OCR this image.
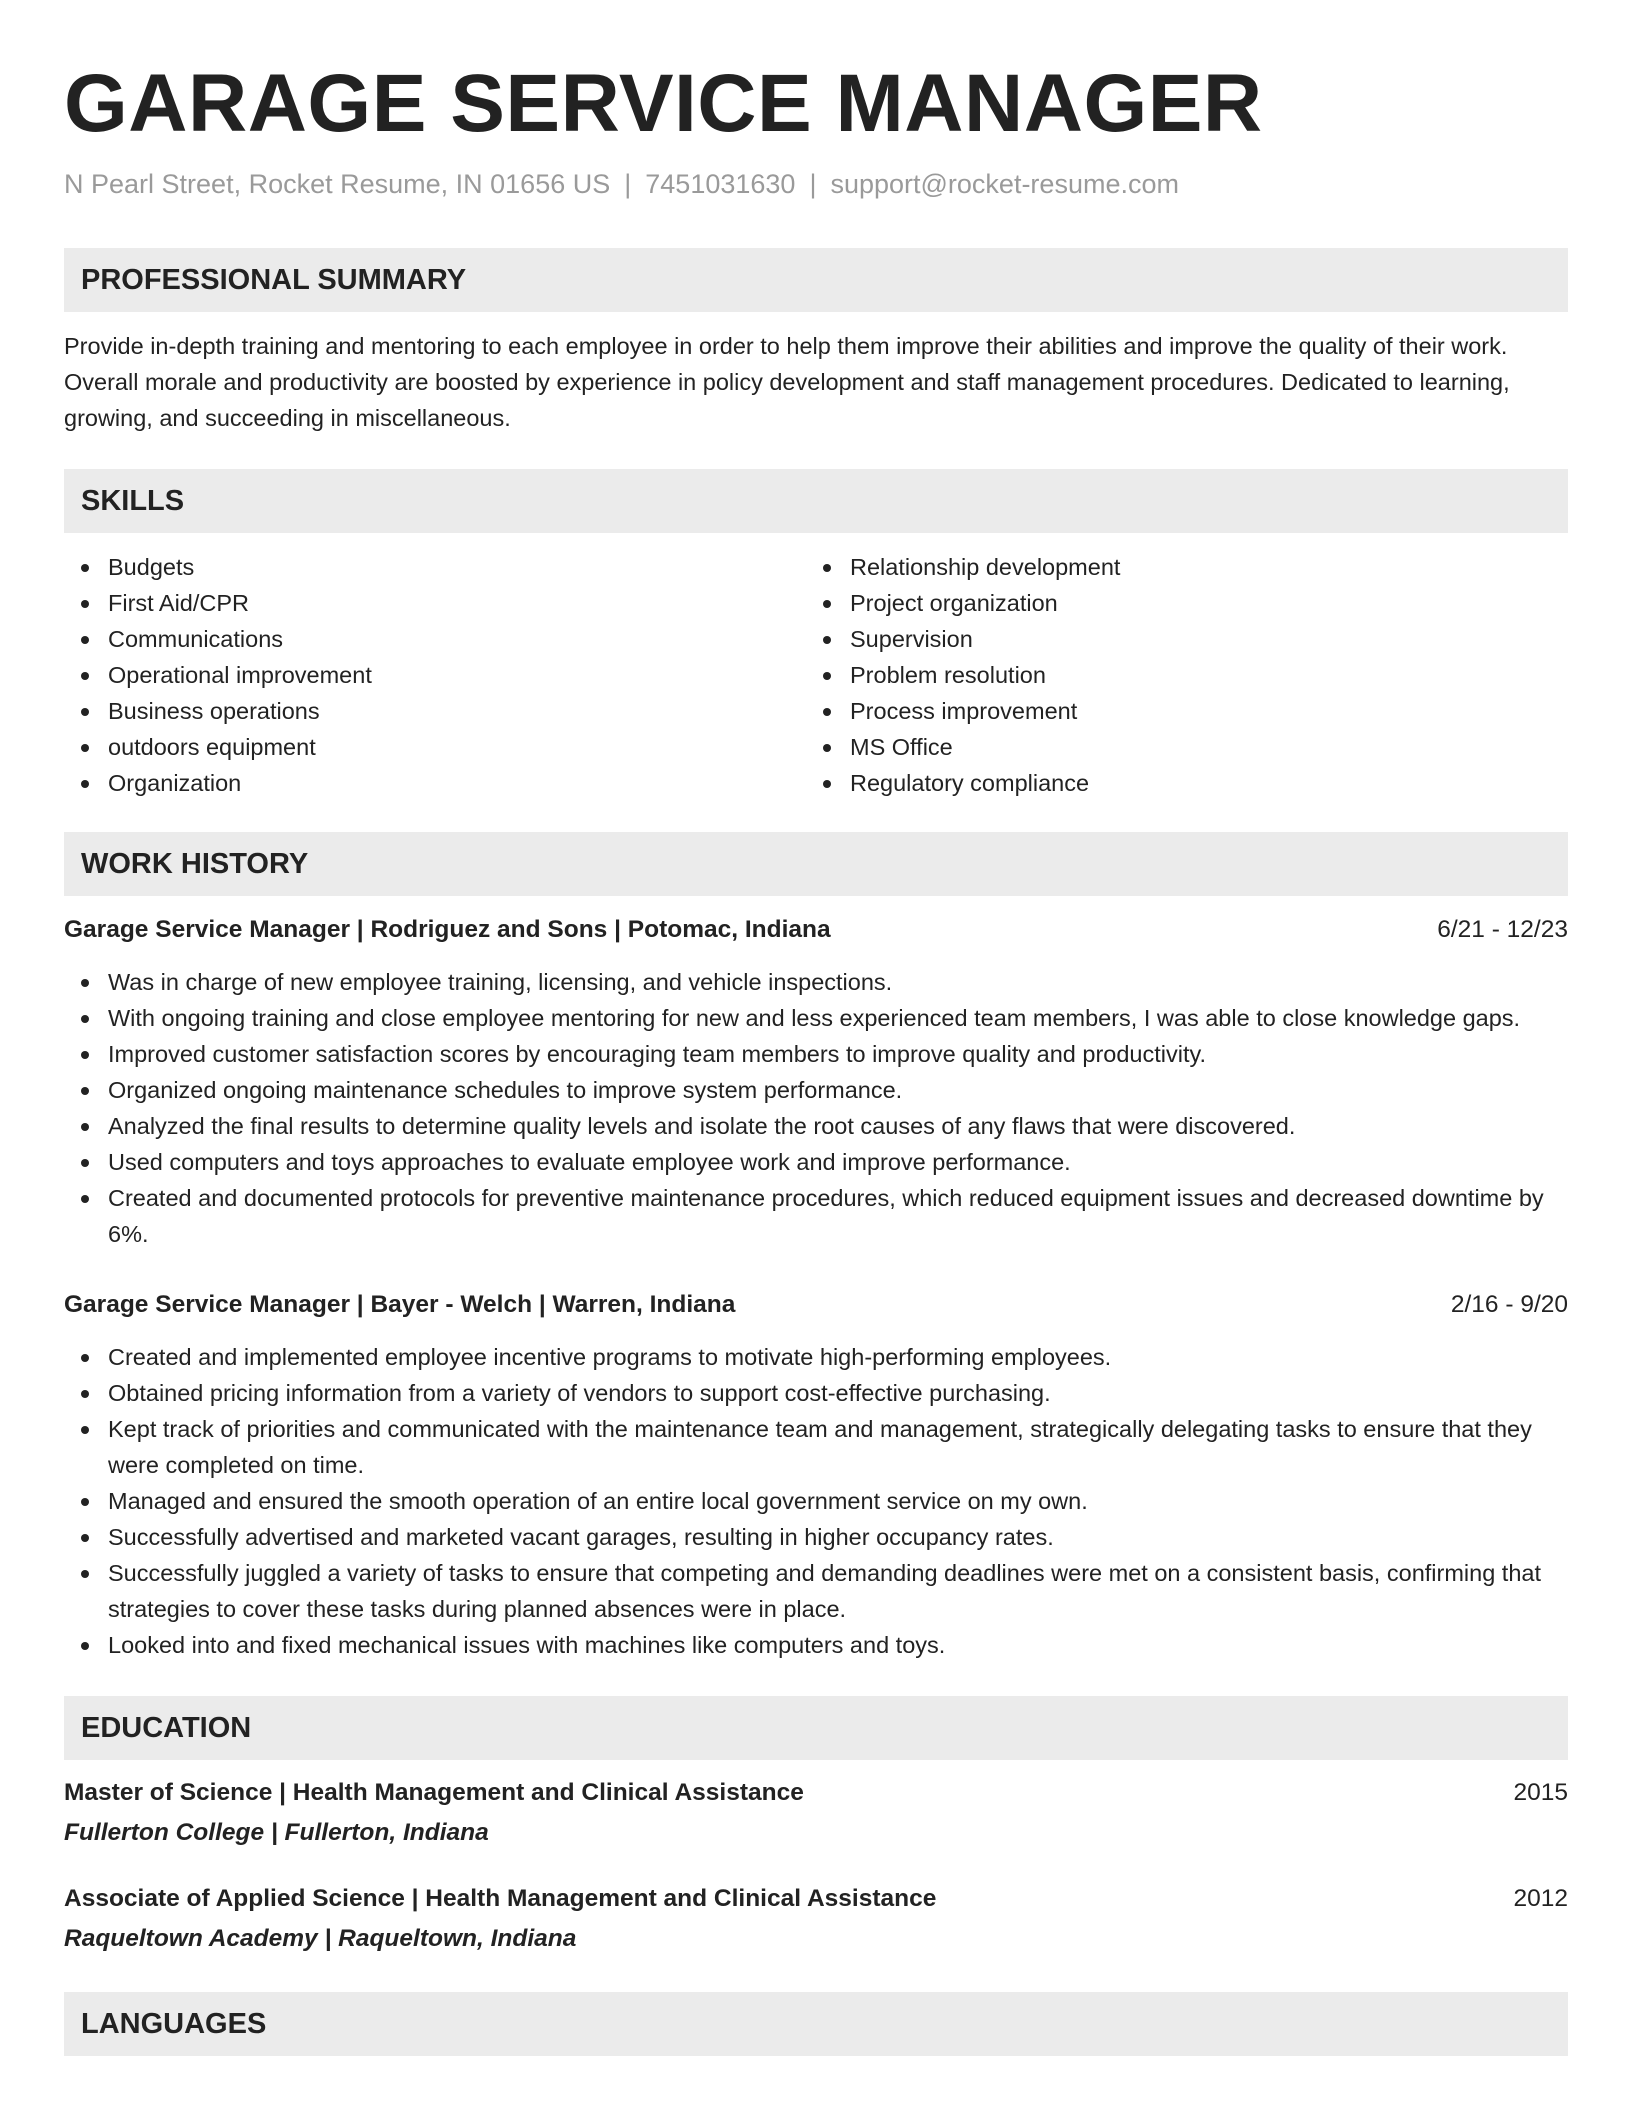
GARAGE SERVICE MANAGER
N Pearl Street, Rocket Resume, IN 01656 US | 7451031630 | support@rocket-resume.com
PROFESSIONAL SUMMARY

Provide in-depth training and mentoring to each employee in order to help them improve their abilities and improve the quality of their work. Overall morale and productivity are boosted by experience in policy development and staff management procedures. Dedicated to learning, growing, and succeeding in miscellaneous.

SKILLS
Budgets
First Aid/CPR
Communications
Operational improvement
Business operations
outdoors equipment
Organization
Relationship development
Project organization
Supervision
Problem resolution
Process improvement
MS Office
Regulatory compliance
WORK HISTORY
Garage Service Manager | Rodriguez and Sons | Potomac, Indiana	6/21 - 12/23
Was in charge of new employee training, licensing, and vehicle inspections.
With ongoing training and close employee mentoring for new and less experienced team members, I was able to close knowledge gaps.
Improved customer satisfaction scores by encouraging team members to improve quality and productivity.
Organized ongoing maintenance schedules to improve system performance.
Analyzed the final results to determine quality levels and isolate the root causes of any flaws that were discovered.
Used computers and toys approaches to evaluate employee work and improve performance.
Created and documented protocols for preventive maintenance procedures, which reduced equipment issues and decreased downtime by 6%.
Garage Service Manager | Bayer - Welch | Warren, Indiana	2/16 - 9/20
Created and implemented employee incentive programs to motivate high-performing employees.
Obtained pricing information from a variety of vendors to support cost-effective purchasing.
Kept track of priorities and communicated with the maintenance team and management, strategically delegating tasks to ensure that they were completed on time.
Managed and ensured the smooth operation of an entire local government service on my own.
Successfully advertised and marketed vacant garages, resulting in higher occupancy rates.
Successfully juggled a variety of tasks to ensure that competing and demanding deadlines were met on a consistent basis, confirming that strategies to cover these tasks during planned absences were in place.
Looked into and fixed mechanical issues with machines like computers and toys.
EDUCATION
Master of Science | Health Management and Clinical Assistance	2015
Fullerton College | Fullerton, Indiana
Associate of Applied Science | Health Management and Clinical Assistance	2012
Raqueltown Academy | Raqueltown, Indiana
LANGUAGES
